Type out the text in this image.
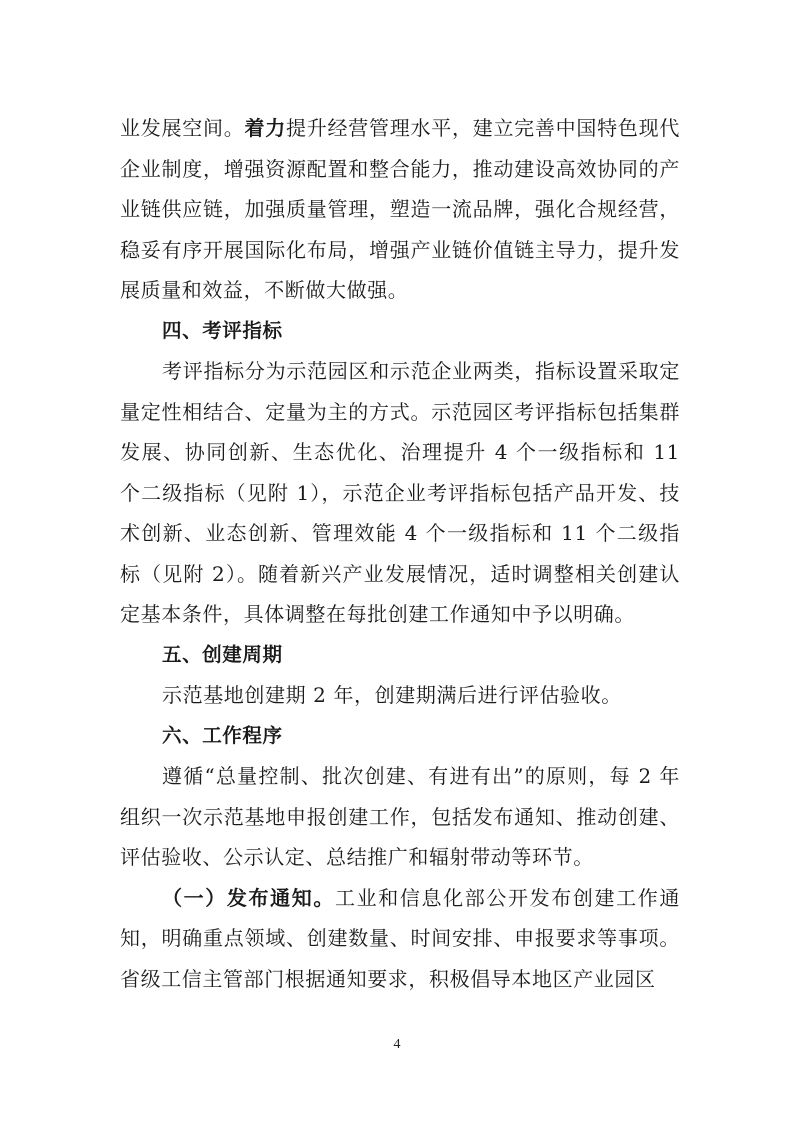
业发展空间。着力提升经营管理水平，建立完善中国特色现代企业制度，增强资源配置和整合能力，推动建设高效协同的产业链供应链，加强质量管理，塑造一流品牌，强化合规经营，稳妥有序开展国际化布局，增强产业链价值链主导力，提升发展质量和效益，不断做大做强。

四、考评指标

考评指标分为示范园区和示范企业两类，指标设置采取定量定性相结合、定量为主的方式。示范园区考评指标包括集群发展、协同创新、生态优化、治理提升 4 个一级指标和 11 个二级指标（见附 1），示范企业考评指标包括产品开发、技术创新、业态创新、管理效能 4 个一级指标和 11 个二级指标（见附 2）。随着新兴产业发展情况，适时调整相关创建认定基本条件，具体调整在每批创建工作通知中予以明确。

五、创建周期

示范基地创建期 2 年，创建期满后进行评估验收。

六、工作程序

遵循“总量控制、批次创建、有进有出”的原则，每 2 年组织一次示范基地申报创建工作，包括发布通知、推动创建、评估验收、公示认定、总结推广和辐射带动等环节。

（一）发布通知。工业和信息化部公开发布创建工作通知，明确重点领域、创建数量、时间安排、申报要求等事项。省级工信主管部门根据通知要求，积极倡导本地区产业园区

4
